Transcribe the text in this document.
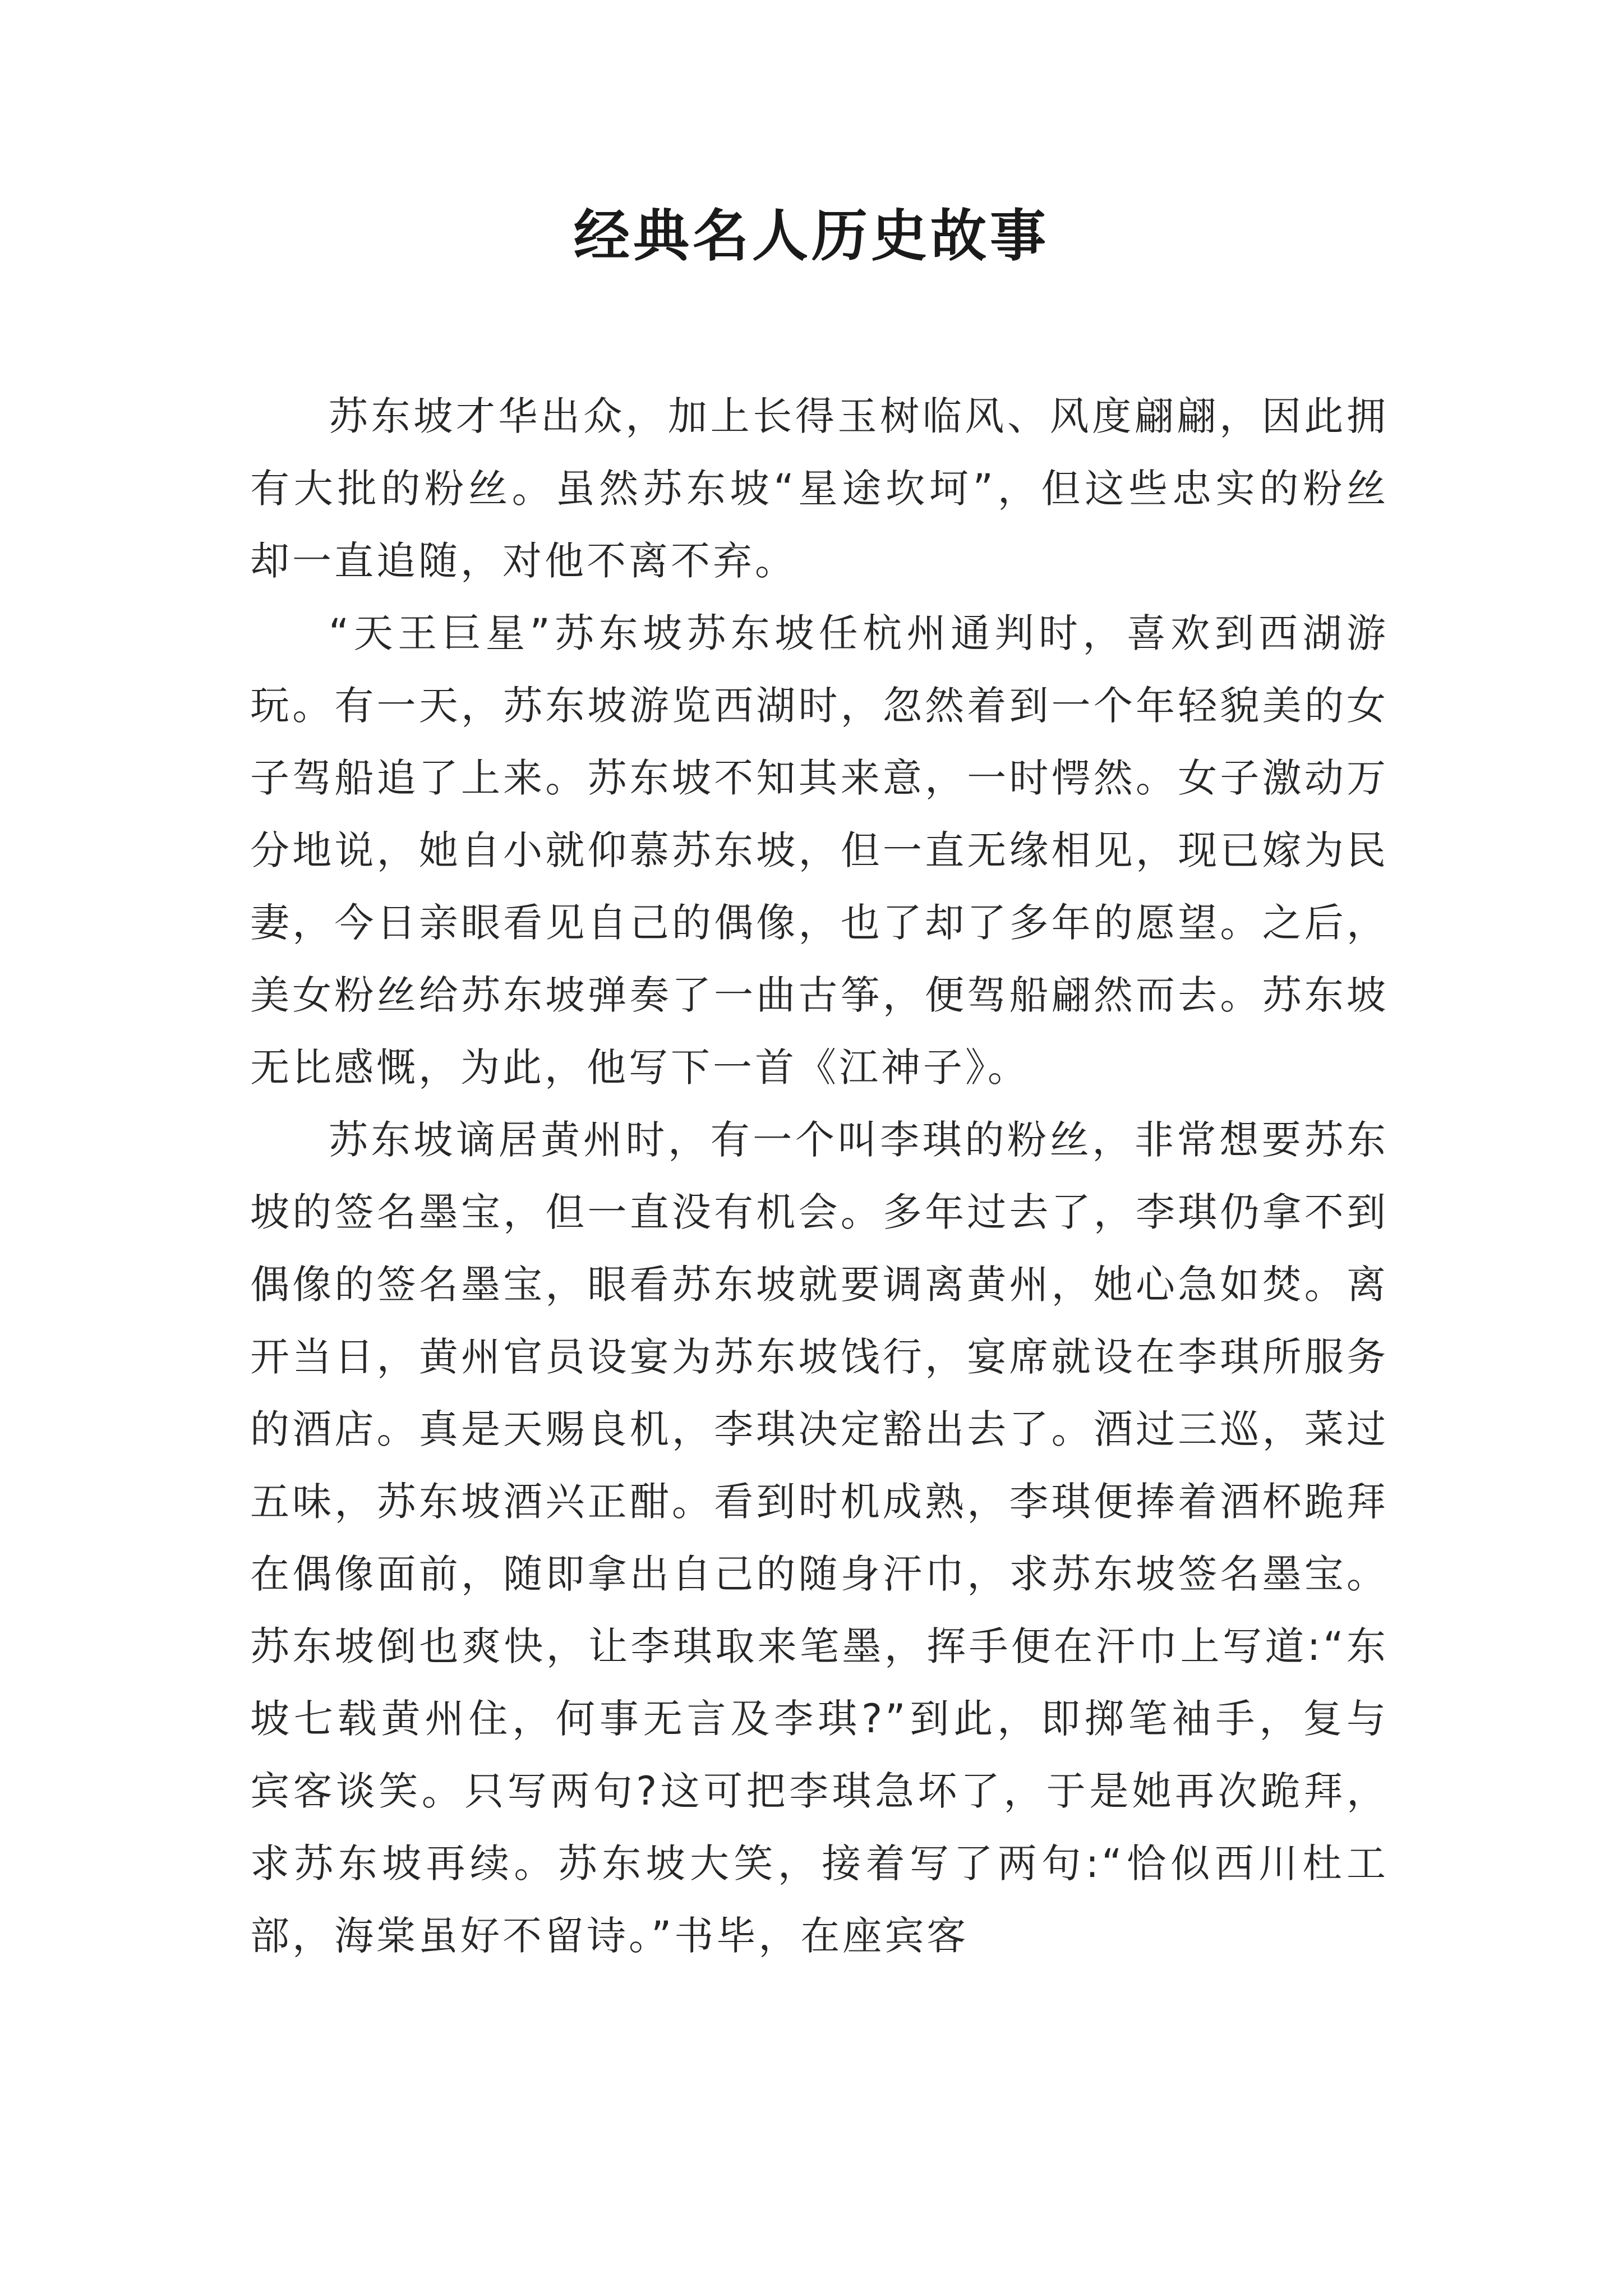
经典名人历史故事

苏东坡才华出众，加上长得玉树临风、风度翩翩，因此拥有大批的粉丝。虽然苏东坡“星途坎坷”，但这些忠实的粉丝却一直追随，对他不离不弃。

“天王巨星”苏东坡苏东坡任杭州通判时，喜欢到西湖游玩。有一天，苏东坡游览西湖时，忽然着到一个年轻貌美的女子驾船追了上来。苏东坡不知其来意，一时愕然。女子激动万分地说，她自小就仰慕苏东坡，但一直无缘相见，现已嫁为民妻，今日亲眼看见自己的偶像，也了却了多年的愿望。之后，美女粉丝给苏东坡弹奏了一曲古筝，便驾船翩然而去。苏东坡无比感慨，为此，他写下一首《江神子》。

苏东坡谪居黄州时，有一个叫李琪的粉丝，非常想要苏东坡的签名墨宝，但一直没有机会。多年过去了，李琪仍拿不到偶像的签名墨宝，眼看苏东坡就要调离黄州，她心急如焚。离开当日，黄州官员设宴为苏东坡饯行，宴席就设在李琪所服务的酒店。真是天赐良机，李琪决定豁出去了。酒过三巡，菜过五味，苏东坡酒兴正酣。看到时机成熟，李琪便捧着酒杯跪拜在偶像面前，随即拿出自己的随身汗巾，求苏东坡签名墨宝。苏东坡倒也爽快，让李琪取来笔墨，挥手便在汗巾上写道:“东坡七载黄州住，何事无言及李琪?”到此，即掷笔袖手，复与宾客谈笑。只写两句?这可把李琪急坏了，于是她再次跪拜，求苏东坡再续。苏东坡大笑，接着写了两句:“恰似西川杜工部，海棠虽好不留诗。”书毕，在座宾客
